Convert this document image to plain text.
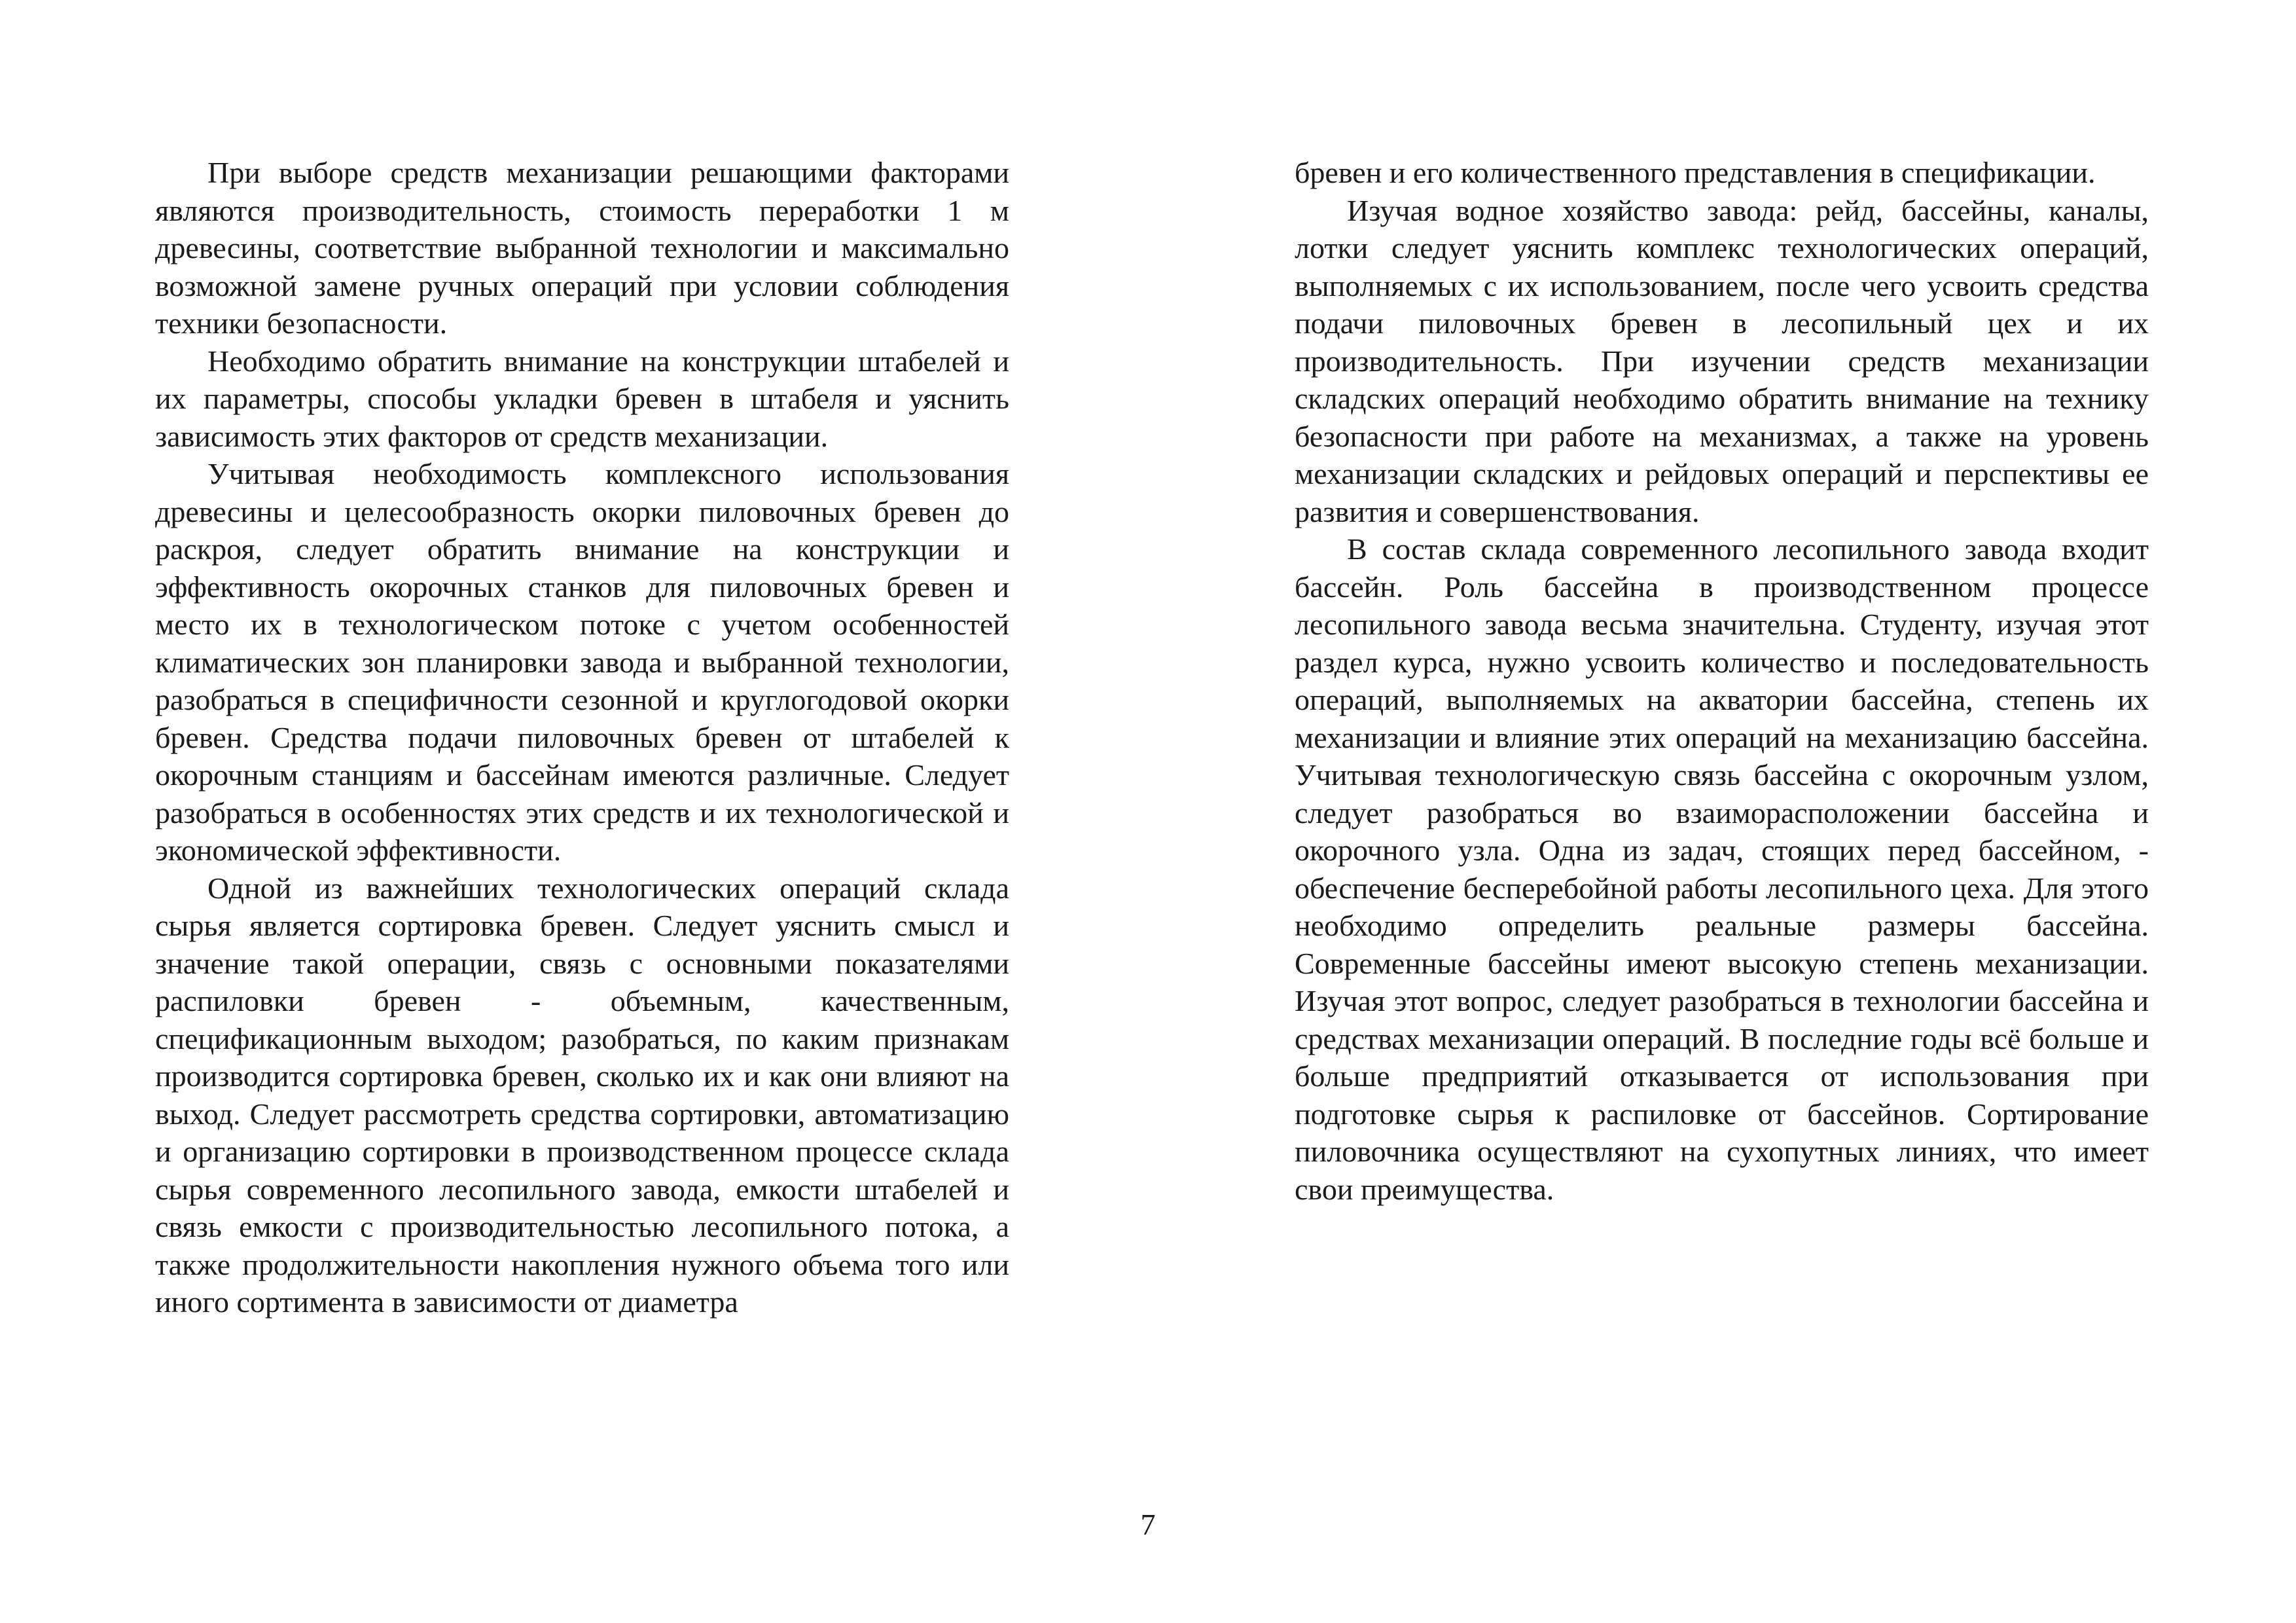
При выборе средств механизации решающими факторами являются производительность, стоимость переработки 1 м древесины, соответствие выбранной технологии и максимально возможной замене ручных операций при условии соблюдения техники безопасности.

Необходимо обратить внимание на конструкции штабелей и их параметры, способы укладки бревен в штабеля и уяснить зависимость этих факторов от средств механизации.

Учитывая необходимость комплексного использования древесины и целесообразность окорки пиловочных бревен до раскроя, следует обратить внимание на конструкции и эффективность окорочных станков для пиловочных бревен и место их в технологическом потоке с учетом особенностей климатических зон планировки завода и выбранной технологии, разобраться в специфичности сезонной и круглогодовой окорки бревен. Средства подачи пиловочных бревен от штабелей к окорочным станциям и бассейнам имеются различные. Следует разобраться в особенностях этих средств и их технологической и экономической эффективности.

Одной из важнейших технологических операций склада сырья является сортировка бревен. Следует уяснить смысл и значение такой операции, связь с основными показателями распиловки бревен - объемным, качественным, спецификационным выходом; разобраться, по каким признакам производится сортировка бревен, сколько их и как они влияют на выход. Следует рассмотреть средства сортировки, автоматизацию и организацию сортировки в производственном процессе склада сырья современного лесопильного завода, емкости штабелей и связь емкости с производительностью лесопильного потока, а также продолжительности накопления нужного объема того или иного сортимента в зависимости от диаметра

бревен и его количественного представления в спецификации.

Изучая водное хозяйство завода: рейд, бассейны, каналы, лотки следует уяснить комплекс технологических операций, выполняемых с их использованием, после чего усвоить средства подачи пиловочных бревен в лесопильный цех и их производительность. При изучении средств механизации складских операций необходимо обратить внимание на технику безопасности при работе на механизмах, а также на уровень механизации складских и рейдовых операций и перспективы ее развития и совершенствования.

В состав склада современного лесопильного завода входит бассейн. Роль бассейна в производственном процессе лесопильного завода весьма значительна. Студенту, изучая этот раздел курса, нужно усвоить количество и последовательность операций, выполняемых на акватории бассейна, степень их механизации и влияние этих операций на механизацию бассейна. Учитывая технологическую связь бассейна с окорочным узлом, следует разобраться во взаиморасположении бассейна и окорочного узла. Одна из задач, стоящих перед бассейном, - обеспечение бесперебойной работы лесопильного цеха. Для этого необходимо определить реальные размеры бассейна. Современные бассейны имеют высокую степень механизации. Изучая этот вопрос, следует разобраться в технологии бассейна и средствах механизации операций. В последние годы всё больше и больше предприятий отказывается от использования при подготовке сырья к распиловке от бассейнов. Сортирование пиловочника осуществляют на сухопутных линиях, что имеет свои преимущества.

7
